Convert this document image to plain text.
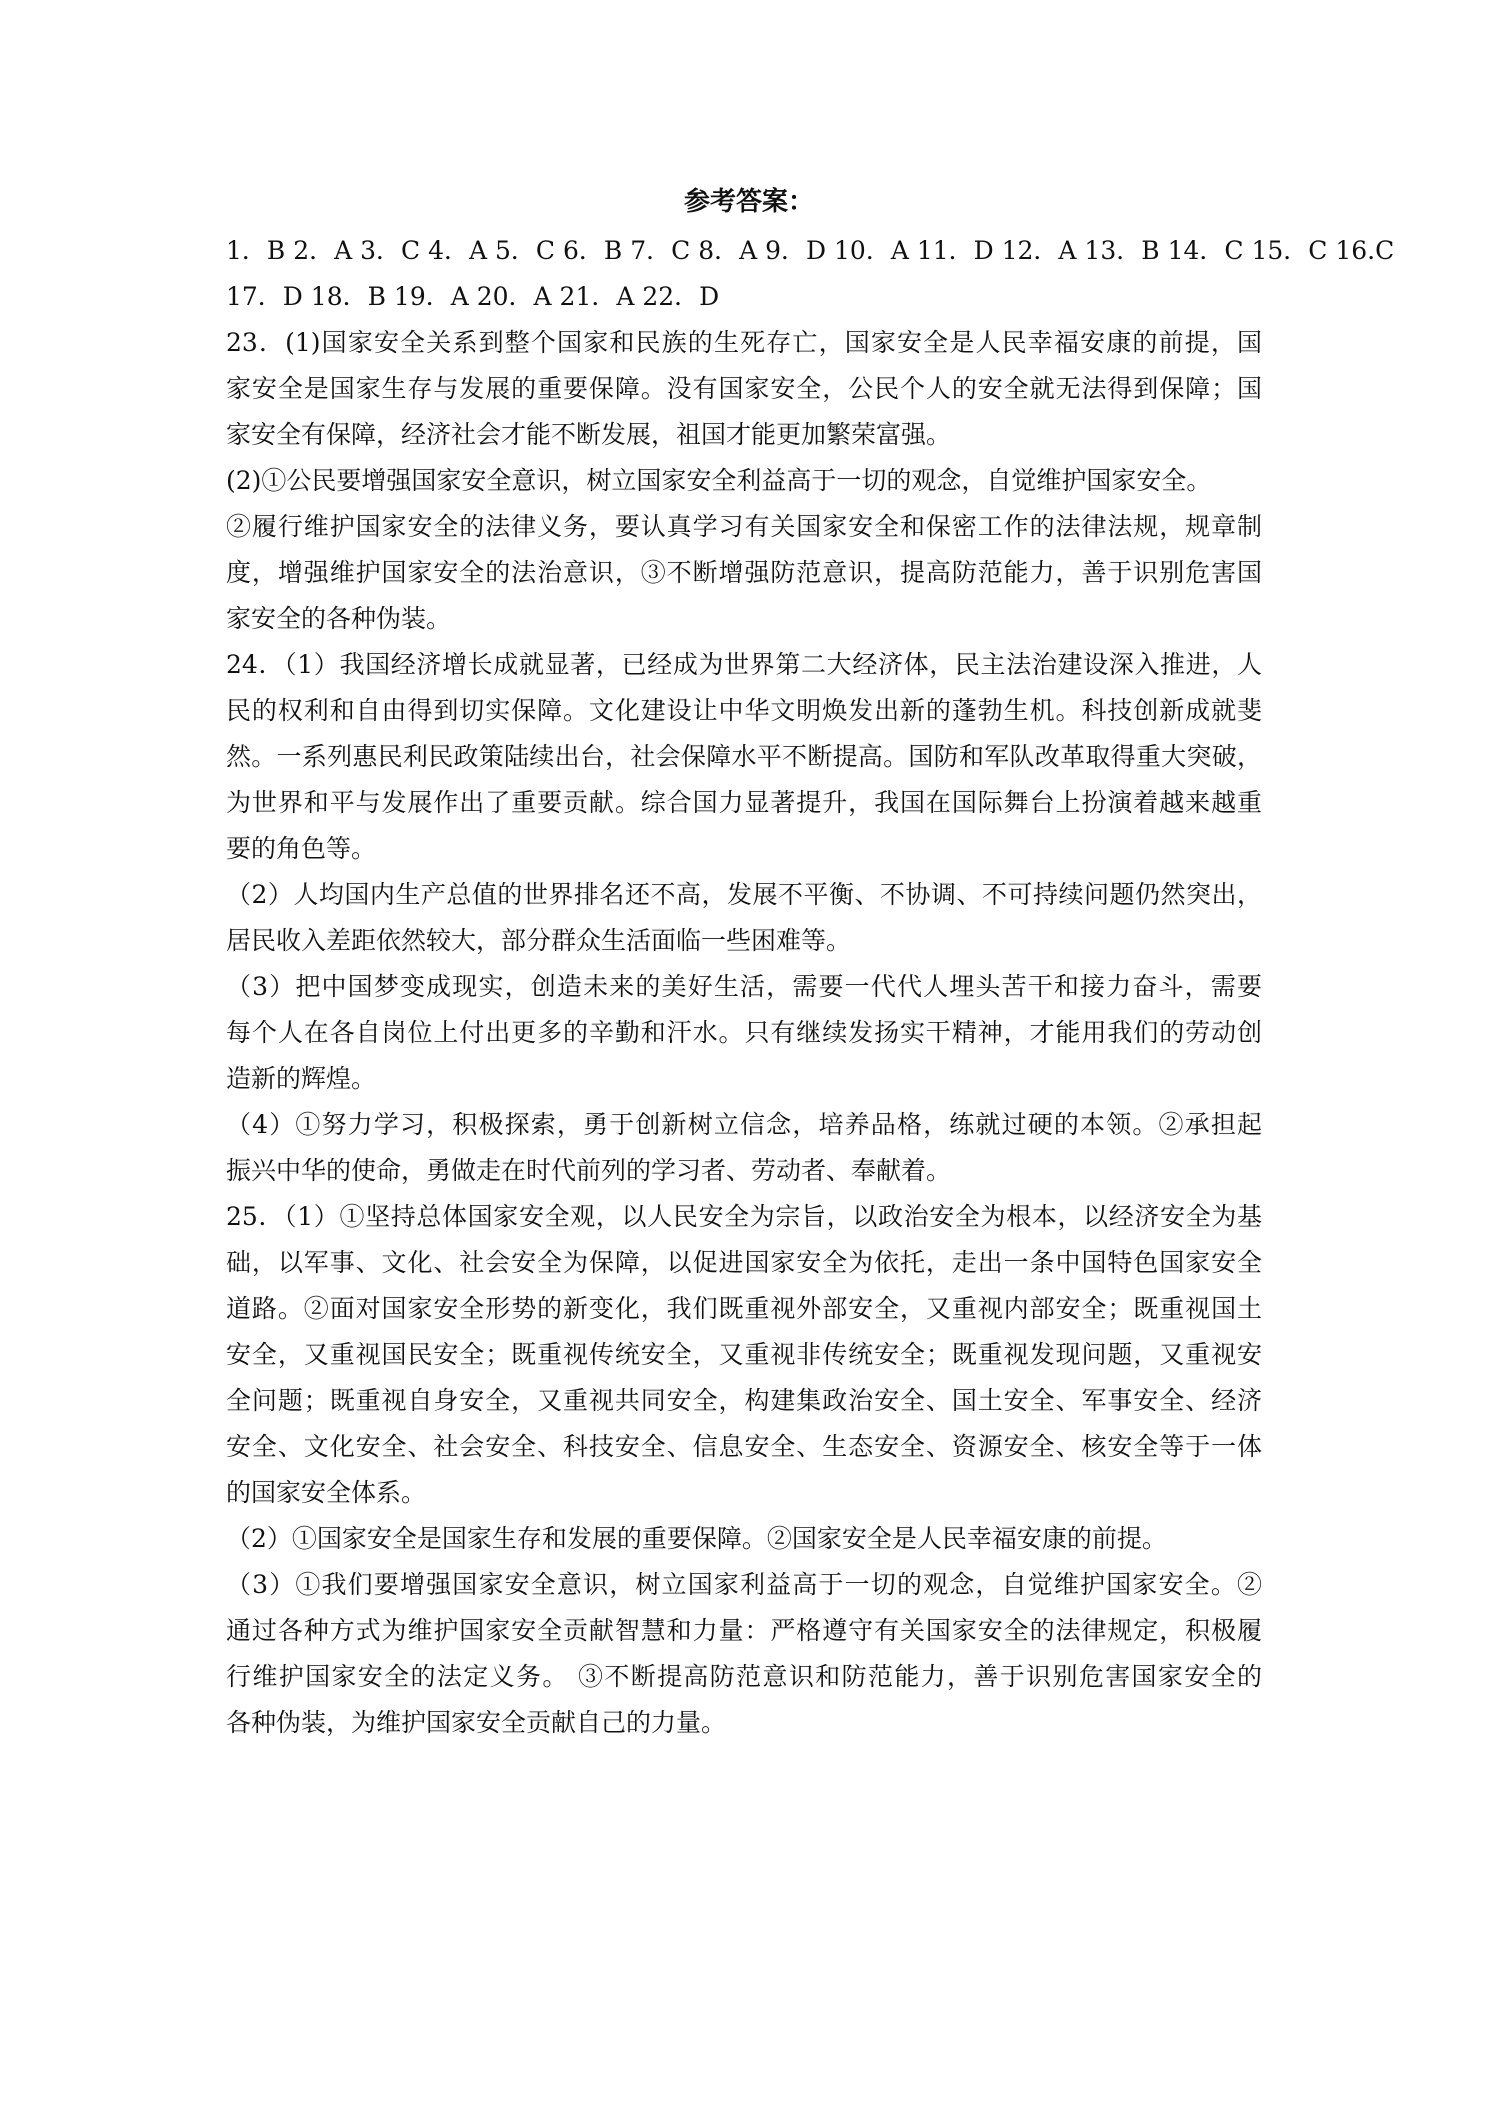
参考答案：
1．B 2．A 3．C 4．A 5．C 6．B 7．C 8．A 9．D 10．A 11．D 12．A 13．B 14．C 15．C 16.C
17．D 18．B 19．A 20．A 21．A 22．D
23．(1)国家安全关系到整个国家和民族的生死存亡，国家安全是人民幸福安康的前提，国
家安全是国家生存与发展的重要保障。没有国家安全，公民个人的安全就无法得到保障；国
家安全有保障，经济社会才能不断发展，祖国才能更加繁荣富强。
(2)①公民要增强国家安全意识，树立国家安全利益高于一切的观念，自觉维护国家安全。
②履行维护国家安全的法律义务，要认真学习有关国家安全和保密工作的法律法规，规章制
度，增强维护国家安全的法治意识，③不断增强防范意识，提高防范能力，善于识别危害国
家安全的各种伪装。
24．（1）我国经济增长成就显著，已经成为世界第二大经济体，民主法治建设深入推进，人
民的权利和自由得到切实保障。文化建设让中华文明焕发出新的蓬勃生机。科技创新成就斐
然。一系列惠民利民政策陆续出台，社会保障水平不断提高。国防和军队改革取得重大突破，
为世界和平与发展作出了重要贡献。综合国力显著提升，我国在国际舞台上扮演着越来越重
要的角色等。
（2）人均国内生产总值的世界排名还不高，发展不平衡、不协调、不可持续问题仍然突出，
居民收入差距依然较大，部分群众生活面临一些困难等。
（3）把中国梦变成现实，创造未来的美好生活，需要一代代人埋头苦干和接力奋斗，需要
每个人在各自岗位上付出更多的辛勤和汗水。只有继续发扬实干精神，才能用我们的劳动创
造新的辉煌。
（4）①努力学习，积极探索，勇于创新树立信念，培养品格，练就过硬的本领。②承担起
振兴中华的使命，勇做走在时代前列的学习者、劳动者、奉献着。
25．（1）①坚持总体国家安全观，以人民安全为宗旨，以政治安全为根本，以经济安全为基
础，以军事、文化、社会安全为保障，以促进国家安全为依托，走出一条中国特色国家安全
道路。②面对国家安全形势的新变化，我们既重视外部安全，又重视内部安全；既重视国土
安全，又重视国民安全；既重视传统安全，又重视非传统安全；既重视发现问题，又重视安
全问题；既重视自身安全，又重视共同安全，构建集政治安全、国土安全、军事安全、经济
安全、文化安全、社会安全、科技安全、信息安全、生态安全、资源安全、核安全等于一体
的国家安全体系。
（2）①国家安全是国家生存和发展的重要保障。②国家安全是人民幸福安康的前提。
（3）①我们要增强国家安全意识，树立国家利益高于一切的观念，自觉维护国家安全。②
通过各种方式为维护国家安全贡献智慧和力量：严格遵守有关国家安全的法律规定，积极履
行维护国家安全的法定义务。 ③不断提高防范意识和防范能力，善于识别危害国家安全的
各种伪装，为维护国家安全贡献自己的力量。
